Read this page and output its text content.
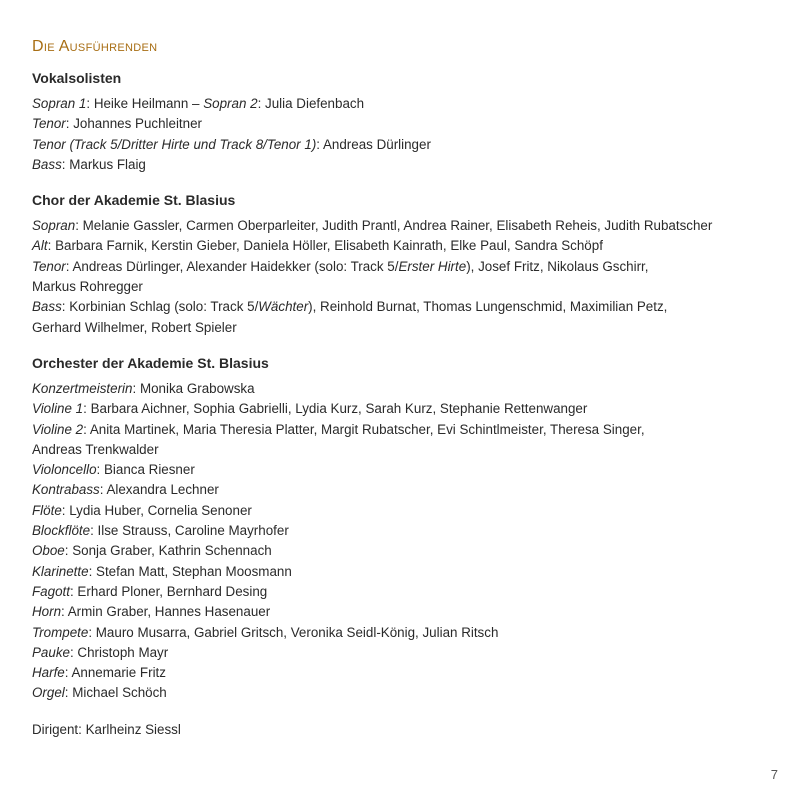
Die Ausführenden
Vokalsolisten
Sopran 1: Heike Heilmann – Sopran 2: Julia Diefenbach
Tenor: Johannes Puchleitner
Tenor (Track 5/Dritter Hirte und Track 8/Tenor 1): Andreas Dürlinger
Bass: Markus Flaig
Chor der Akademie St. Blasius
Sopran: Melanie Gassler, Carmen Oberparleiter, Judith Prantl, Andrea Rainer, Elisabeth Reheis, Judith Rubatscher
Alt: Barbara Farnik, Kerstin Gieber, Daniela Höller, Elisabeth Kainrath, Elke Paul, Sandra Schöpf
Tenor: Andreas Dürlinger, Alexander Haidekker (solo: Track 5/Erster Hirte), Josef Fritz, Nikolaus Gschirr,
Markus Rohregger
Bass: Korbinian Schlag (solo: Track 5/Wächter), Reinhold Burnat, Thomas Lungenschmid, Maximilian Petz,
Gerhard Wilhelmer, Robert Spieler
Orchester der Akademie St. Blasius
Konzertmeisterin: Monika Grabowska
Violine 1: Barbara Aichner, Sophia Gabrielli, Lydia Kurz, Sarah Kurz, Stephanie Rettenwanger
Violine 2: Anita Martinek, Maria Theresia Platter, Margit Rubatscher, Evi Schintlmeister, Theresa Singer,
Andreas Trenkwalder
Violoncello: Bianca Riesner
Kontrabass: Alexandra Lechner
Flöte: Lydia Huber, Cornelia Senoner
Blockflöte: Ilse Strauss, Caroline Mayrhofer
Oboe: Sonja Graber, Kathrin Schennach
Klarinette: Stefan Matt, Stephan Moosmann
Fagott: Erhard Ploner, Bernhard Desing
Horn: Armin Graber, Hannes Hasenauer
Trompete: Mauro Musarra, Gabriel Gritsch, Veronika Seidl-König, Julian Ritsch
Pauke: Christoph Mayr
Harfe: Annemarie Fritz
Orgel: Michael Schöch
Dirigent: Karlheinz Siessl
7
